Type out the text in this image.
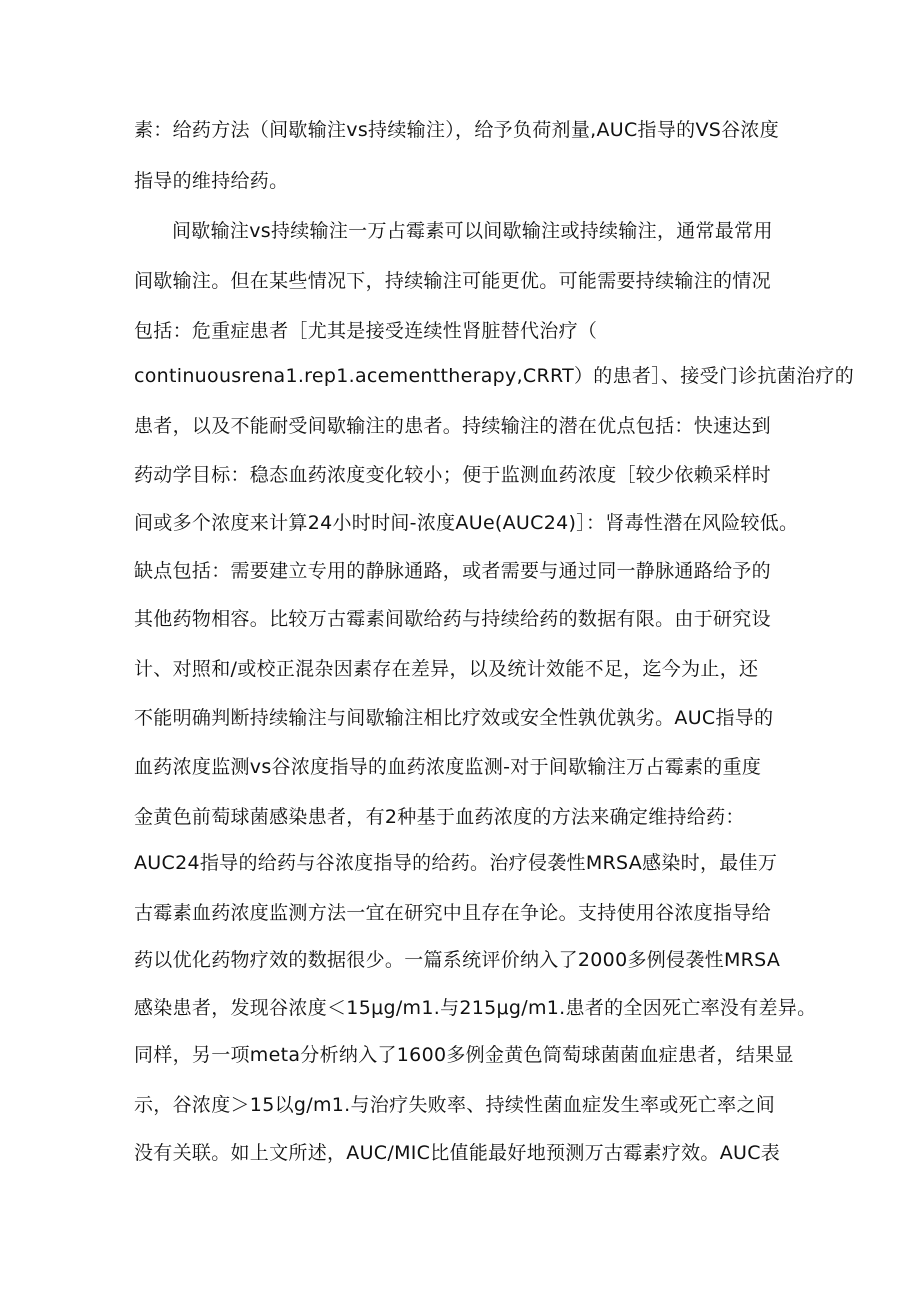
素：给药方法（间歇输注vs持续输注），给予负荷剂量,AUC指导的VS谷浓度
指导的维持给药。
间歇输注vs持续输注一万占霉素可以间歇输注或持续输注，通常最常用
间歇输注。但在某些情况下，持续输注可能更优。可能需要持续输注的情况
包括：危重症患者［尤其是接受连续性肾脏替代治疗（
continuousrena1.rep1.acementtherapy,CRRT）的患者］、接受门诊抗菌治疗的
患者，以及不能耐受间歇输注的患者。持续输注的潜在优点包括：快速达到
药动学目标：稳态血药浓度变化较小；便于监测血药浓度［较少依赖采样时
间或多个浓度来计算24小时时间-浓度AUe(AUC24)］：肾毒性潜在风险较低。
缺点包括：需要建立专用的静脉通路，或者需要与通过同一静脉通路给予的
其他药物相容。比较万古霉素间歇给药与持续给药的数据有限。由于研究设
计、对照和/或校正混杂因素存在差异，以及统计效能不足，迄今为止，还
不能明确判断持续输注与间歇输注相比疗效或安全性孰优孰劣。AUC指导的
血药浓度监测vs谷浓度指导的血药浓度监测-对于间歇输注万占霉素的重度
金黄色前萄球菌感染患者，有2种基于血药浓度的方法来确定维持给药：
AUC24指导的给药与谷浓度指导的给药。治疗侵袭性MRSA感染时，最佳万
古霉素血药浓度监测方法一宜在研究中且存在争论。支持使用谷浓度指导给
药以优化药物疗效的数据很少。一篇系统评价纳入了2000多例侵袭性MRSA
感染患者，发现谷浓度＜15μg/m1.与215μg∕m1.患者的全因死亡率没有差异。
同样，另一项meta分析纳入了1600多例金黄色筒萄球菌菌血症患者，结果显
示，谷浓度＞15以g/m1.与治疗失败率、持续性菌血症发生率或死亡率之间
没有关联。如上文所述，AUC/MIC比值能最好地预测万古霉素疗效。AUC表
